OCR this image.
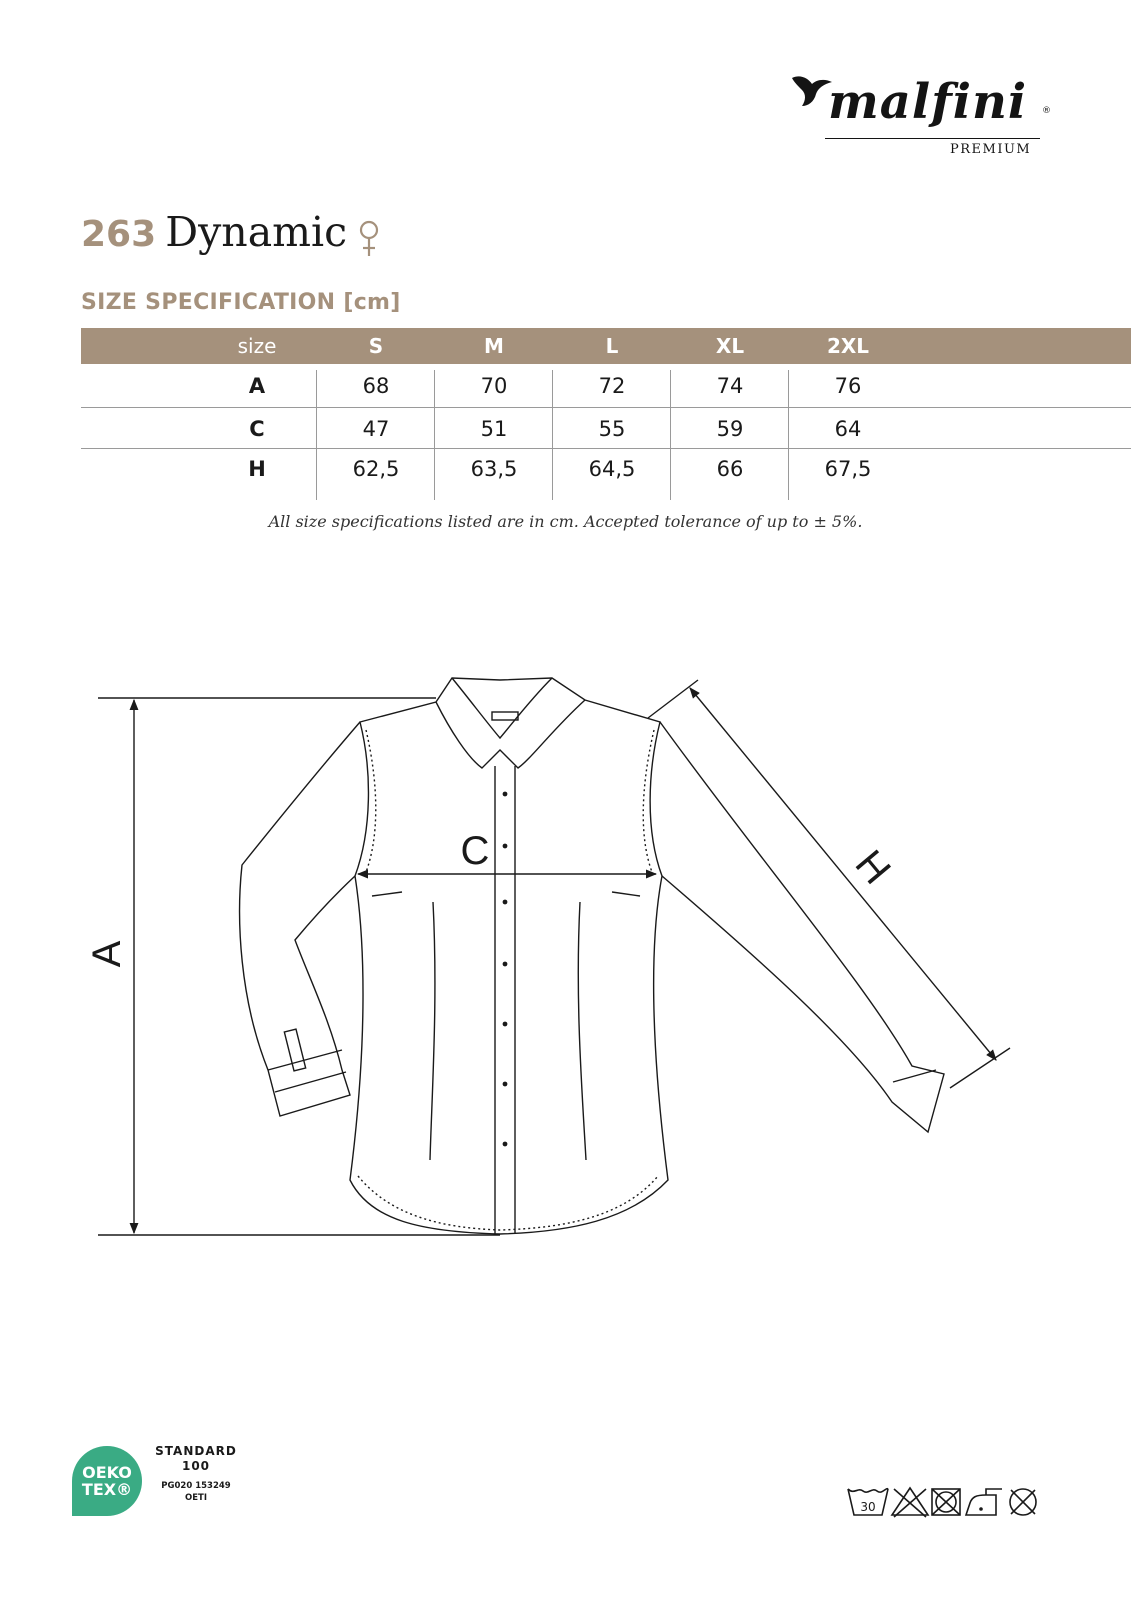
malfini ®
PREMIUM
263 Dynamic
SIZE SPECIFICATION [cm]
size	S	M	L	XL	2XL
A	68	70	72	74	76
C	47	51	55	59	64
H	62,5	63,5	64,5	66	67,5
All size specifications listed are in cm. Accepted tolerance of up to ± 5%.
A
C	H
OEKO
TEX®
STANDARD
100
PG020 153249
OETI
30
